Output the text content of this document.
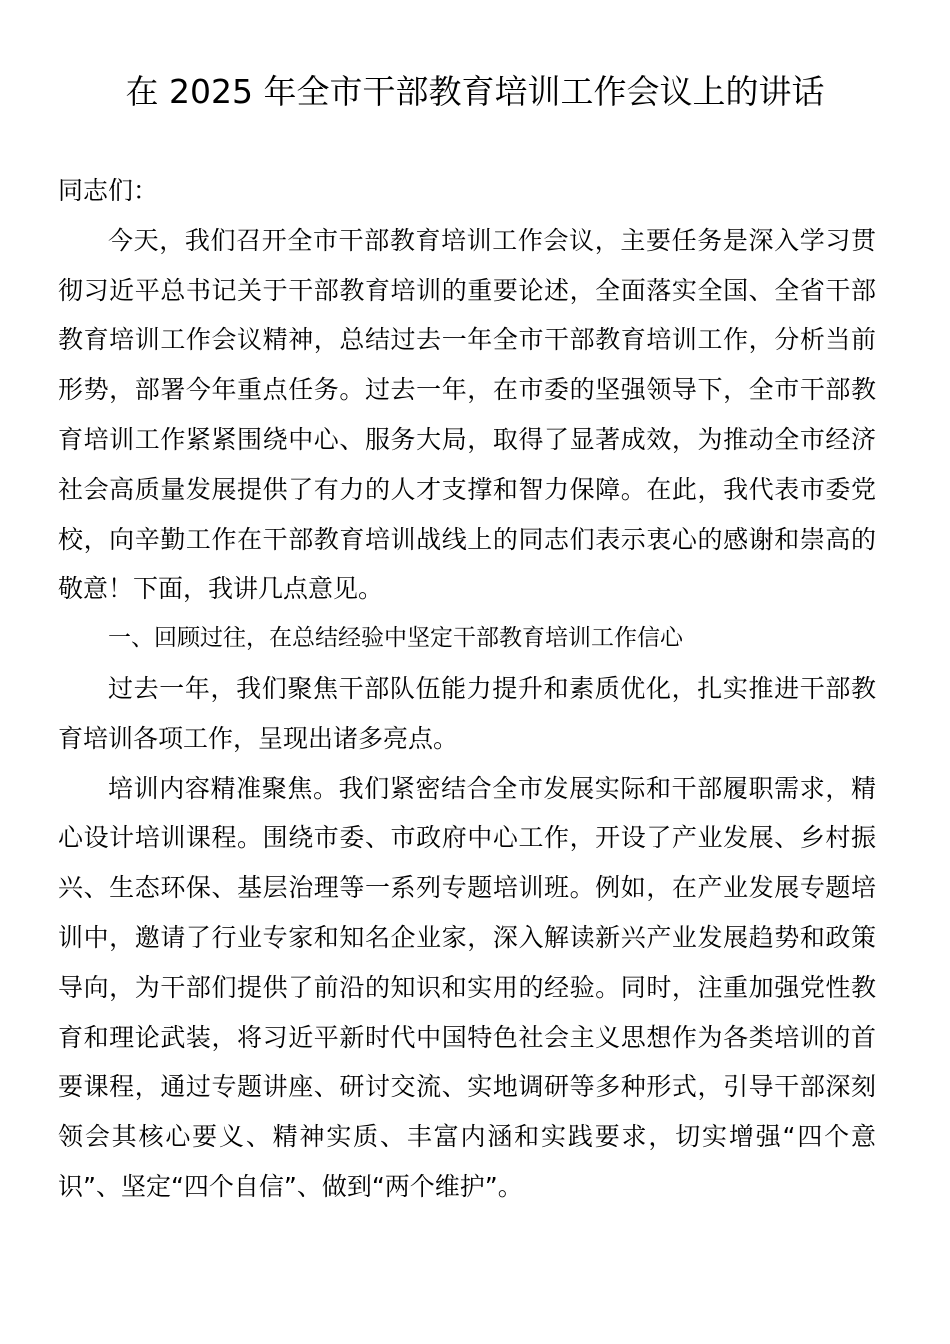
在 2025 年全市干部教育培训工作会议上的讲话

同志们：

今天，我们召开全市干部教育培训工作会议，主要任务是深入学习贯彻习近平总书记关于干部教育培训的重要论述，全面落实全国、全省干部教育培训工作会议精神，总结过去一年全市干部教育培训工作，分析当前形势，部署今年重点任务。过去一年，在市委的坚强领导下，全市干部教育培训工作紧紧围绕中心、服务大局，取得了显著成效，为推动全市经济社会高质量发展提供了有力的人才支撑和智力保障。在此，我代表市委党校，向辛勤工作在干部教育培训战线上的同志们表示衷心的感谢和崇高的敬意！下面，我讲几点意见。

一、回顾过往，在总结经验中坚定干部教育培训工作信心

过去一年，我们聚焦干部队伍能力提升和素质优化，扎实推进干部教育培训各项工作，呈现出诸多亮点。

培训内容精准聚焦。我们紧密结合全市发展实际和干部履职需求，精心设计培训课程。围绕市委、市政府中心工作，开设了产业发展、乡村振兴、生态环保、基层治理等一系列专题培训班。例如，在产业发展专题培训中，邀请了行业专家和知名企业家，深入解读新兴产业发展趋势和政策导向，为干部们提供了前沿的知识和实用的经验。同时，注重加强党性教育和理论武装，将习近平新时代中国特色社会主义思想作为各类培训的首要课程，通过专题讲座、研讨交流、实地调研等多种形式，引导干部深刻领会其核心要义、精神实质、丰富内涵和实践要求，切实增强“四个意识”、坚定“四个自信”、做到“两个维护”。
